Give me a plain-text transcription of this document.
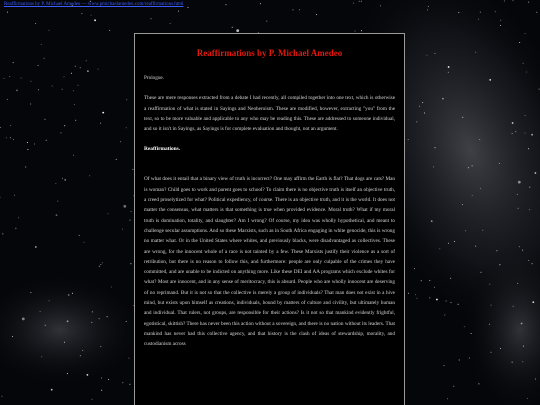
Reaffirmations by P. Michael Amedeo — www.pmichaelamedeo.com/reaffirmations.html
Reaffirmations by P. Michael Amedeo

Prologue.

These are mere responses extracted from a debate I had recently, all compiled together into one text, which is otherwise a reaffirmation of what is stated in Sayings and Neoheroism. These are modified, however, extracting "you" from the text, so to be more valuable and applicable to any who may be reading this. These are addressed to someone individual, and so it isn't in Sayings, as Sayings is for complete evaluation and thought, not an argument.

Reaffirmations.

Of what does it entail that a binary view of truth is incorrect? One may affirm the Earth is flat? That dogs are cats? Man is woman? Child goes to work and parent goes to school? To claim there is no objective truth is itself an objective truth, a creed proselytized for what? Political expediency, of course. There is an objective truth, and it is the world. It does not matter the consensus, what matters is that something is true when provided evidence. Moral truth? What if my moral truth is domination, totality, and slaughter? Am I wrong? Of course, my idea was wholly hypothetical, and meant to challenge secular assumptions. And so these Marxists, such as in South Africa engaging in white genocide, this is wrong no matter what. Or in the United States where whites, and previously blacks, were disadvantaged as collectives. These are wrong, for the innocent whole of a race is not tainted by a few. These Marxists justify their violence as a sort of retribution, but there is no reason to follow this, and furthermore: people are only culpable of the crimes they have committed, and are unable to be indicted on anything more. Like these DEI and AA programs which exclude whites for what? Most are innocent, and in any sense of meritocracy, this is absurd. People who are wholly innocent are deserving of no reprimand. But it is not so that the collective is merely a group of individuals? That man does not exist in a hive mind, but exists upon himself as creations, individuals, bound by matters of culture and civility, but ultimately human and individual. That rulers, not groups, are responsible for their actions? Is it not so that mankind evidently frightful, egotistical, skittish? There has never been this action without a sovereign, and there is no nation without its leaders. That mankind has never had this collective agency, and that history is the clash of ideas of stewardship, morality, and custodianism across
